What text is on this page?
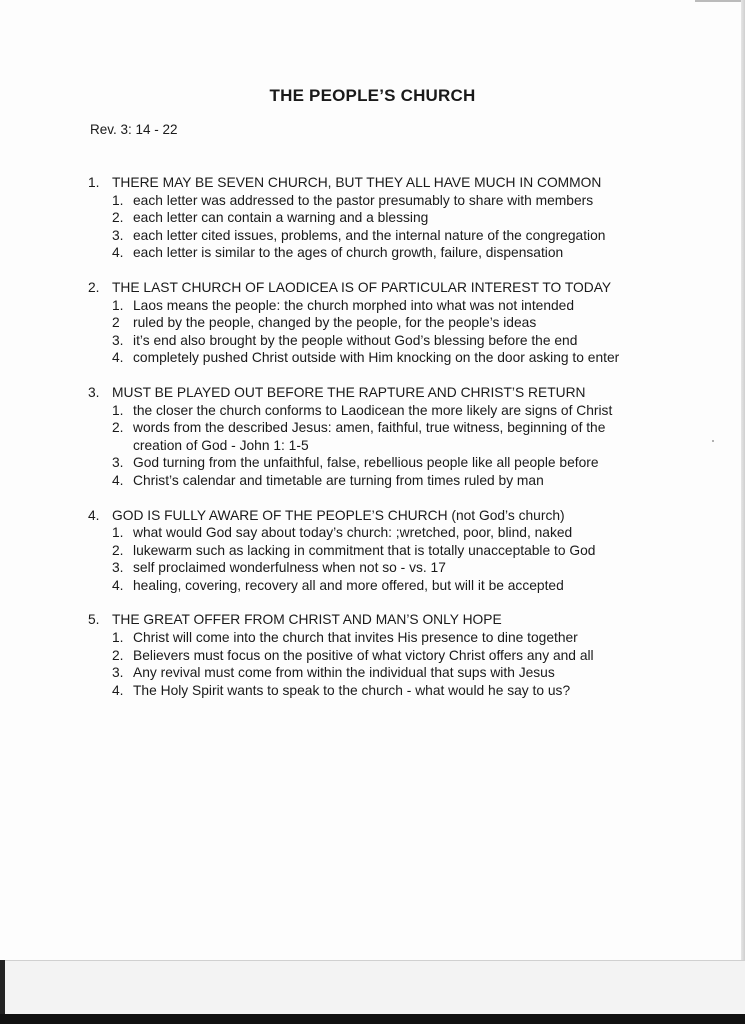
THE PEOPLE’S CHURCH
Rev. 3: 14 - 22
1. THERE MAY BE SEVEN CHURCH, BUT THEY ALL HAVE MUCH IN COMMON
1. each letter was addressed to the pastor presumably to share with members
2. each letter can contain a warning and a blessing
3. each letter cited issues, problems, and the internal nature of the congregation
4. each letter is similar to the ages of church growth, failure, dispensation
2. THE LAST CHURCH OF LAODICEA IS OF PARTICULAR INTEREST TO TODAY
1. Laos means the people: the church morphed into what was not intended
2 ruled by the people, changed by the people, for the people’s ideas
3. it’s end also brought by the people without God’s blessing before the end
4. completely pushed Christ outside with Him knocking on the door asking to enter
3. MUST BE PLAYED OUT BEFORE THE RAPTURE AND CHRIST’S RETURN
1. the closer the church conforms to Laodicean the more likely are signs of Christ
2. words from the described Jesus: amen, faithful, true witness, beginning of the creation of God - John 1: 1-5
3. God turning from the unfaithful, false, rebellious people like all people before
4. Christ’s calendar and timetable are turning from times ruled by man
4. GOD IS FULLY AWARE OF THE PEOPLE’S CHURCH (not God’s church)
1. what would God say about today’s church: ;wretched, poor, blind, naked
2. lukewarm such as lacking in commitment that is totally unacceptable to God
3. self proclaimed wonderfulness when not so - vs. 17
4. healing, covering, recovery all and more offered, but will it be accepted
5. THE GREAT OFFER FROM CHRIST AND MAN’S ONLY HOPE
1. Christ will come into the church that invites His presence to dine together
2. Believers must focus on the positive of what victory Christ offers any and all
3. Any revival must come from within the individual that sups with Jesus
4. The Holy Spirit wants to speak to the church - what would he say to us?
